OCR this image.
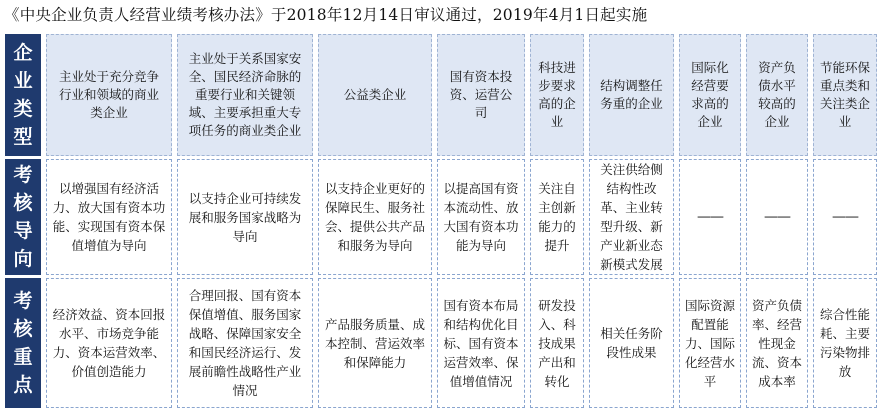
《中央企业负责人经营业绩考核办法》于2018年12月14日审议通过，2019年4月1日起实施
企业类型
主业处于充分竞争行业和领域的商业类企业
主业处于关系国家安全、国民经济命脉的重要行业和关键领域、主要承担重大专项任务的商业类企业
公益类企业
国有资本投资、运营公司
科技进步要求高的企业
结构调整任务重的企业
国际化经营要求高的企业
资产负债水平较高的企业
节能环保重点类和关注类企业
考核导向
以增强国有经济活力、放大国有资本功能、实现国有资本保值增值为导向
以支持企业可持续发展和服务国家战略为导向
以支持企业更好的保障民生、服务社会、提供公共产品和服务为导向
以提高国有资本流动性、放大国有资本功能为导向
关注自主创新能力的提升
关注供给侧结构性改革、主业转型升级、新产业新业态新模式发展
——	——	——
考核重点
经济效益、资本回报水平、市场竞争能力、资本运营效率、价值创造能力
合理回报、国有资本保值增值、服务国家战略、保障国家安全和国民经济运行、发展前瞻性战略性产业情况
产品服务质量、成本控制、营运效率和保障能力
国有资本布局和结构优化目标、国有资本运营效率、保值增值情况
研发投入、科技成果产出和转化
相关任务阶段性成果
国际资源配置能力、国际化经营水平
资产负债率、经营性现金流、资本成本率
综合性能耗、主要污染物排放
